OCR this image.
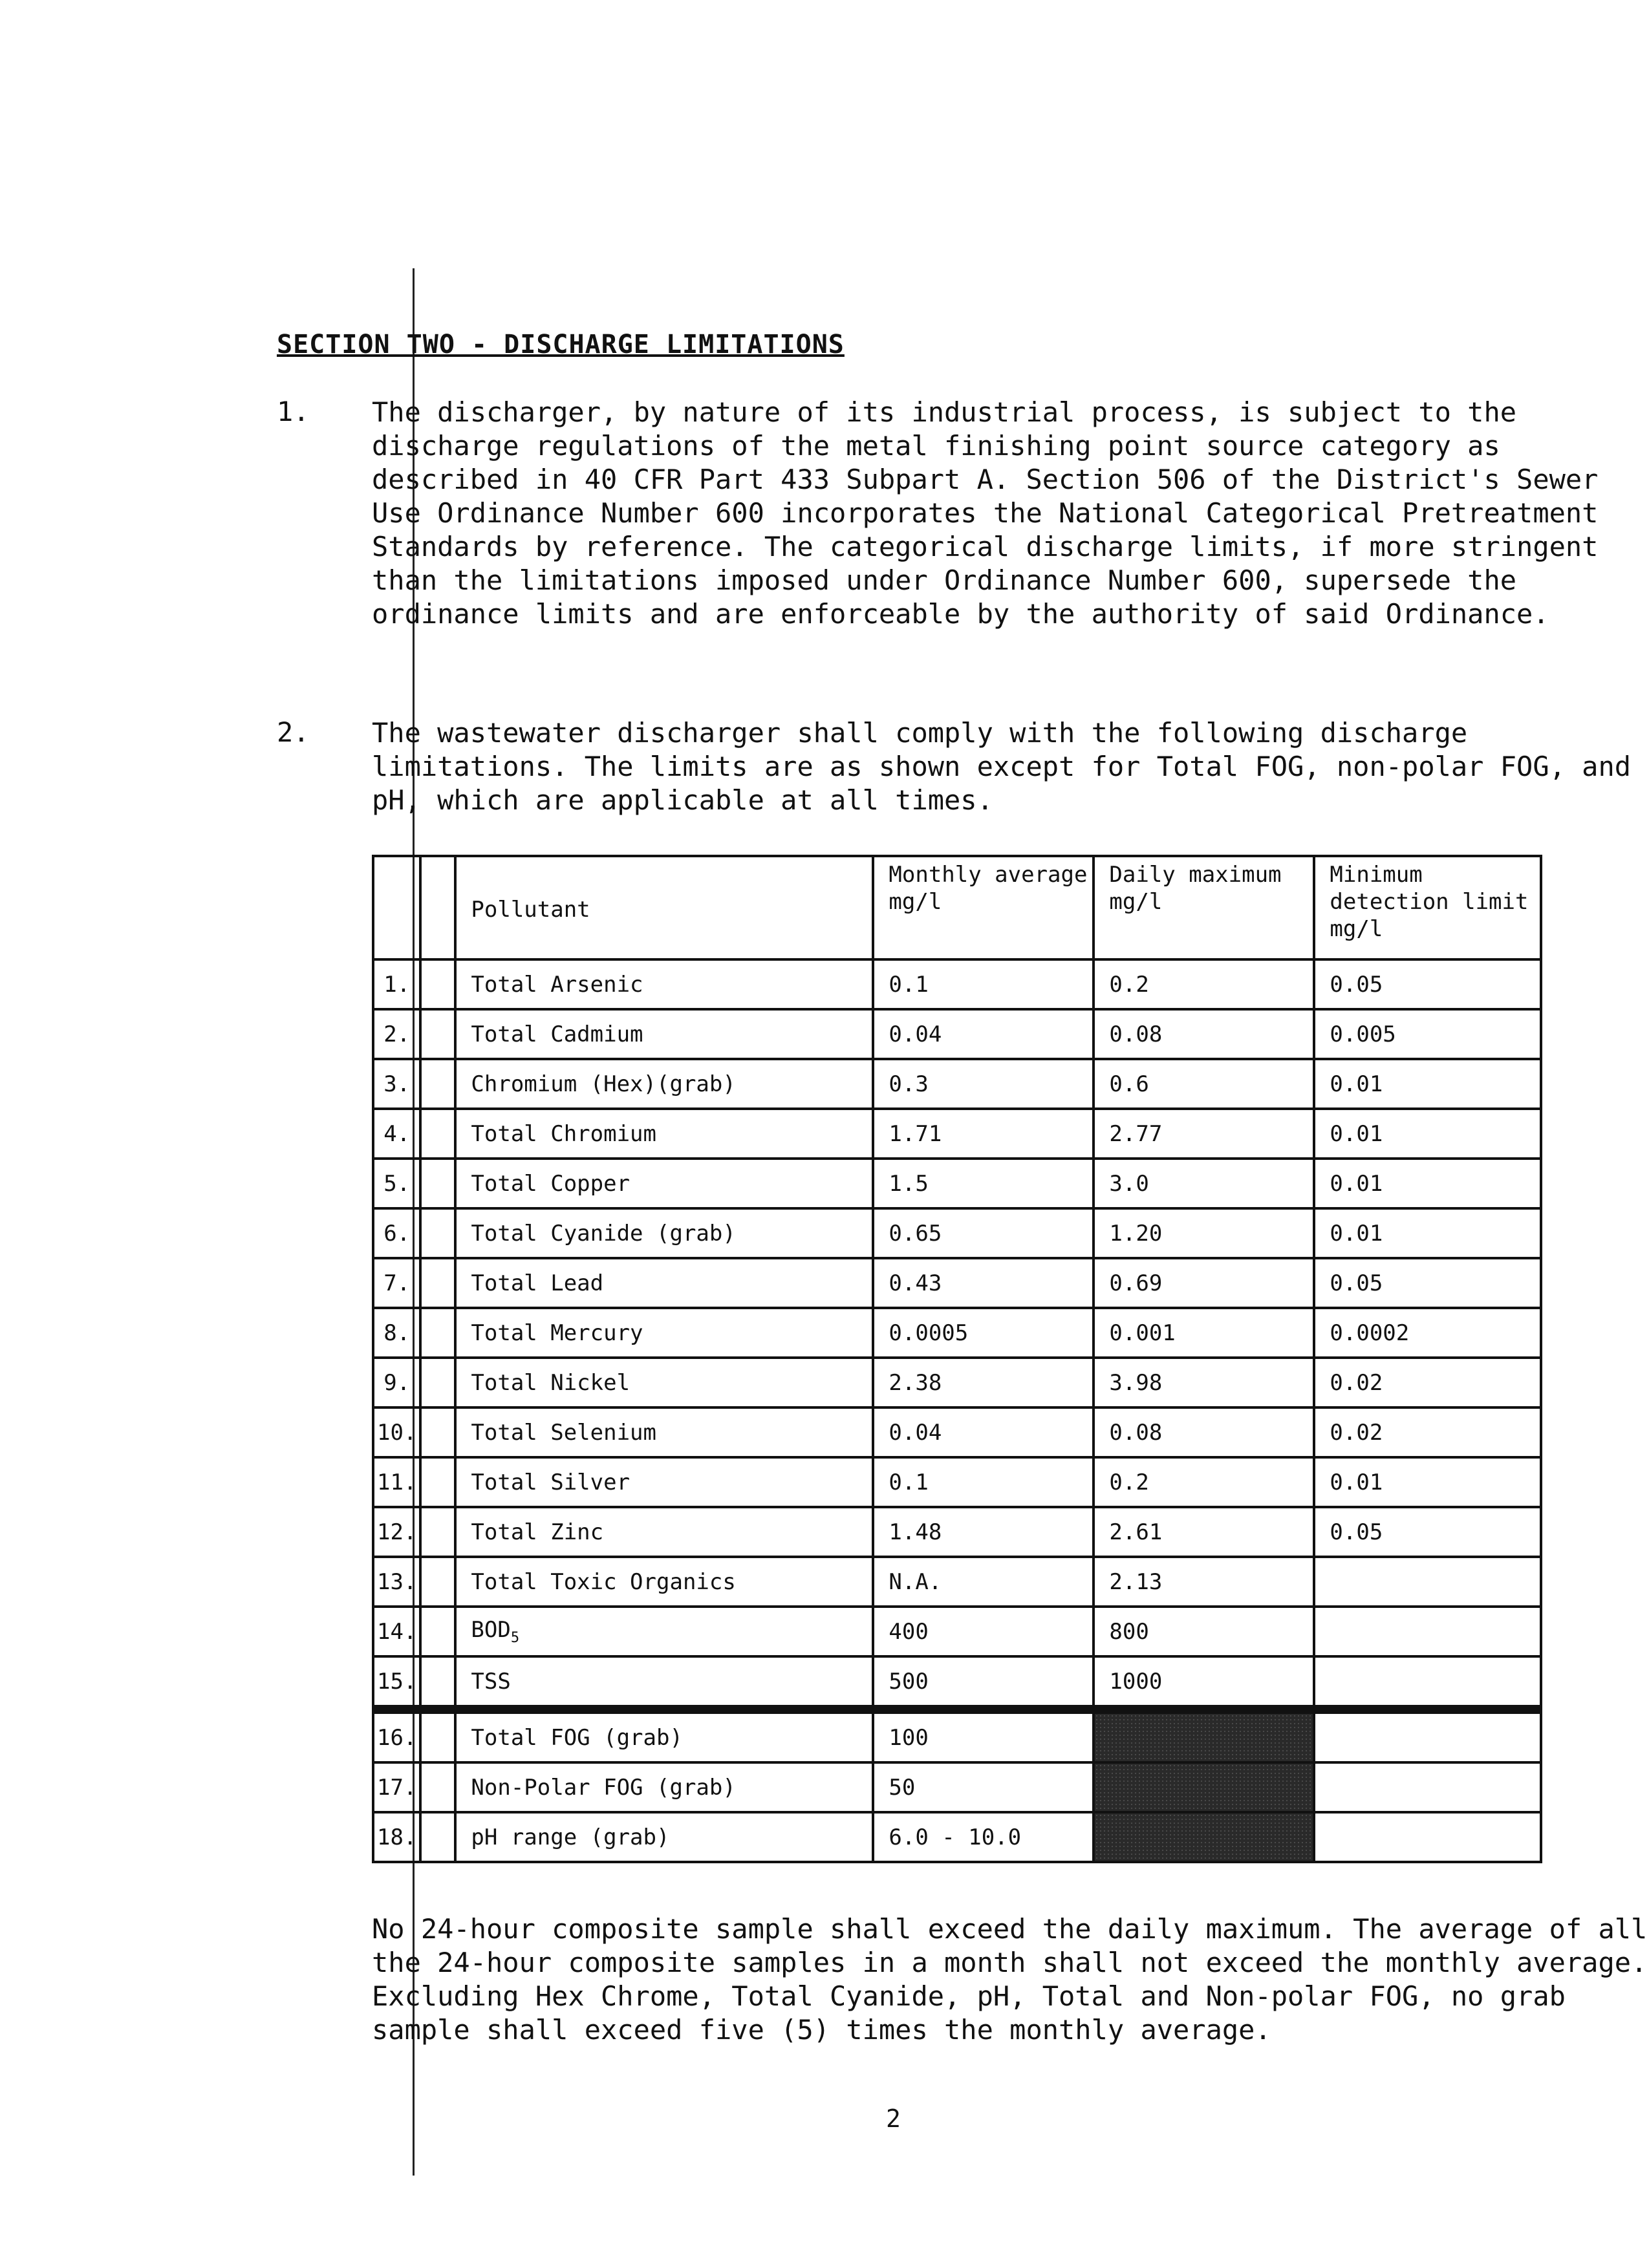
SECTION TWO - DISCHARGE LIMITATIONS
1. The discharger, by nature of its industrial process, is subject to the discharge regulations of the metal finishing point source category as described in 40 CFR Part 433 Subpart A. Section 506 of the District's Sewer Use Ordinance Number 600 incorporates the National Categorical Pretreatment Standards by reference. The categorical discharge limits, if more stringent than the limitations imposed under Ordinance Number 600, supersede the ordinance limits and are enforceable by the authority of said Ordinance.
2. The wastewater discharger shall comply with the following discharge limitations. The limits are as shown except for Total FOG, non-polar FOG, and pH, which are applicable at all times.
		Pollutant	Monthly average mg/l	Daily maximum mg/l	Minimum detection limit mg/l
1.		Total Arsenic	0.1	0.2	0.05
2.		Total Cadmium	0.04	0.08	0.005
3.		Chromium (Hex)(grab)	0.3	0.6	0.01
4.		Total Chromium	1.71	2.77	0.01
5.		Total Copper	1.5	3.0	0.01
6.		Total Cyanide (grab)	0.65	1.20	0.01
7.		Total Lead	0.43	0.69	0.05
8.		Total Mercury	0.0005	0.001	0.0002
9.		Total Nickel	2.38	3.98	0.02
10.		Total Selenium	0.04	0.08	0.02
11.		Total Silver	0.1	0.2	0.01
12.		Total Zinc	1.48	2.61	0.05
13.		Total Toxic Organics	N.A.	2.13	
14.		$BOD_5$	400	800	
15.		TSS	500	1000	
16.		Total FOG (grab)	100		
17.		Non-Polar FOG (grab)	50		
18.		pH range (grab)	6.0 - 10.0		
No 24-hour composite sample shall exceed the daily maximum. The average of all the 24-hour composite samples in a month shall not exceed the monthly average. Excluding Hex Chrome, Total Cyanide, pH, Total and Non-polar FOG, no grab sample shall exceed five (5) times the monthly average.
2
